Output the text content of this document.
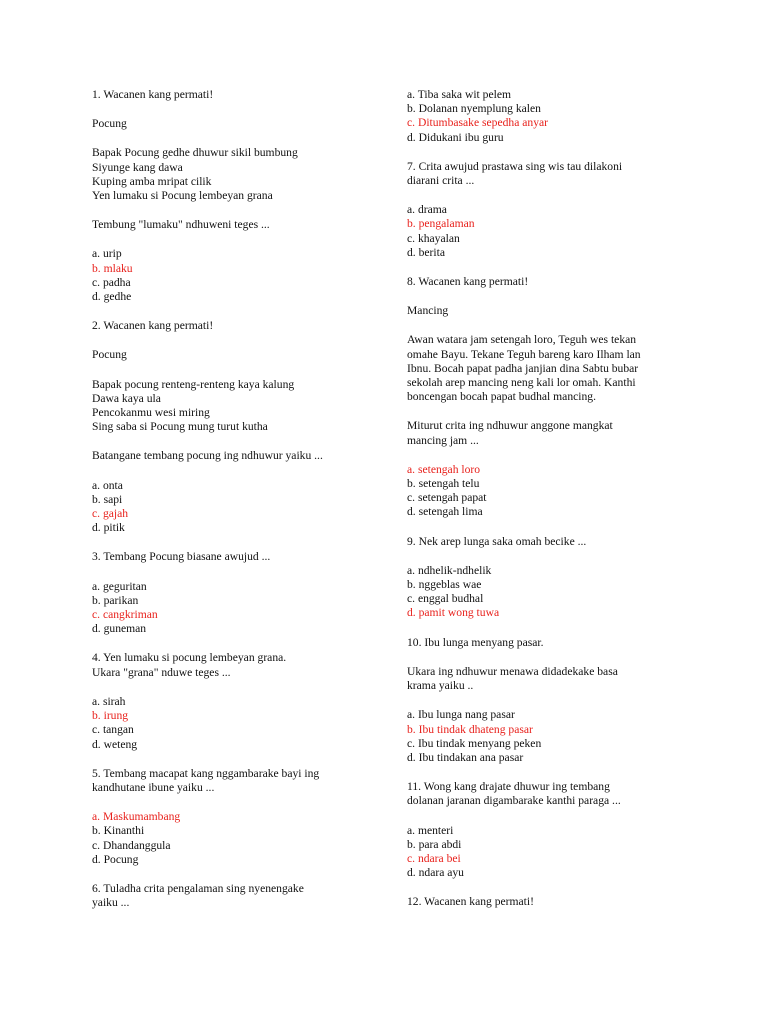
1. Wacanen kang permati!

Pocung

Bapak Pocung gedhe dhuwur sikil bumbung

Siyunge kang dawa

Kuping amba mripat cilik

Yen lumaku si Pocung lembeyan grana

Tembung "lumaku" ndhuweni teges ...

a. urip

b. mlaku

c. padha

d. gedhe

2. Wacanen kang permati!

Pocung

Bapak pocung renteng-renteng kaya kalung

Dawa kaya ula

Pencokanmu wesi miring

Sing saba si Pocung mung turut kutha

Batangane tembang pocung ing ndhuwur yaiku ...

a. onta

b. sapi

c. gajah

d. pitik

3. Tembang Pocung biasane awujud ...

a. geguritan

b. parikan

c. cangkriman

d. guneman

4. Yen lumaku si pocung lembeyan grana.

Ukara "grana" nduwe teges ...

a. sirah

b. irung

c. tangan

d. weteng

5. Tembang macapat kang nggambarake bayi ing

kandhutane ibune yaiku ...

a. Maskumambang

b. Kinanthi

c. Dhandanggula

d. Pocung

6. Tuladha crita pengalaman sing nyenengake

yaiku ...

a. Tiba saka wit pelem

b. Dolanan nyemplung kalen

c. Ditumbasake sepedha anyar

d. Didukani ibu guru

7. Crita awujud prastawa sing wis tau dilakoni

diarani crita ...

a. drama

b. pengalaman

c. khayalan

d. berita

8. Wacanen kang permati!

Mancing

Awan watara jam setengah loro, Teguh wes tekan

omahe Bayu. Tekane Teguh bareng karo Ilham lan

Ibnu. Bocah papat padha janjian dina Sabtu bubar

sekolah arep mancing neng kali lor omah. Kanthi

boncengan bocah papat budhal mancing.

Miturut crita ing ndhuwur anggone mangkat

mancing jam ...

a. setengah loro

b. setengah telu

c. setengah papat

d. setengah lima

9. Nek arep lunga saka omah becike ...

a. ndhelik-ndhelik

b. nggeblas wae

c. enggal budhal

d. pamit wong tuwa

10. Ibu lunga menyang pasar.

Ukara ing ndhuwur menawa didadekake basa

krama yaiku ..

a. Ibu lunga nang pasar

b. Ibu tindak dhateng pasar

c. Ibu tindak menyang peken

d. Ibu tindakan ana pasar

11. Wong kang drajate dhuwur ing tembang

dolanan jaranan digambarake kanthi paraga ...

a. menteri

b. para abdi

c. ndara bei

d. ndara ayu

12. Wacanen kang permati!
